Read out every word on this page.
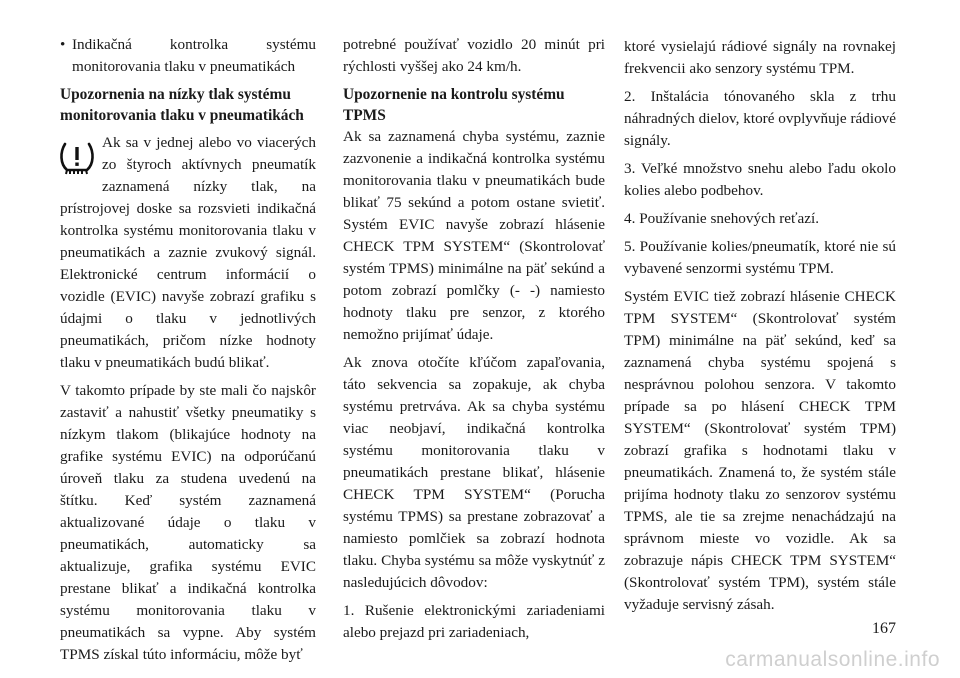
• Indikačná kontrolka systému monitorovania tlaku v pneumatikách
Upozornenia na nízky tlak systému monitorovania tlaku v pneumatikách

Ak sa v jednej alebo vo viacerých zo štyroch aktívnych pneumatík zaznamená nízky tlak, na prístrojovej doske sa rozsvieti indikačná kontrolka systému monitorovania tlaku v pneumatikách a zaznie zvukový signál. Elektronické centrum informácií o vozidle (EVIC) navyše zobrazí grafiku s údajmi o tlaku v jednotlivých pneumatikách, pričom nízke hodnoty tlaku v pneumatikách budú blikať.

V takomto prípade by ste mali čo najskôr zastaviť a nahustiť všetky pneumatiky s nízkym tlakom (blikajúce hodnoty na grafike systému EVIC) na odporúčanú úroveň tlaku za studena uvedenú na štítku. Keď systém zaznamená aktualizované údaje o tlaku v pneumatikách, automaticky sa aktualizuje, grafika systému EVIC prestane blikať a indikačná kontrolka systému monitorovania tlaku v pneumatikách sa vypne. Aby systém TPMS získal túto informáciu, môže byť

potrebné používať vozidlo 20 minút pri rýchlosti vyššej ako 24 km/h.

Upozornenie na kontrolu systému TPMS

Ak sa zaznamená chyba systému, zaznie zazvonenie a indikačná kontrolka systému monitorovania tlaku v pneumatikách bude blikať 75 sekúnd a potom ostane svietiť. Systém EVIC navyše zobrazí hlásenie CHECK TPM SYSTEM“ (Skontrolovať systém TPMS) minimálne na päť sekúnd a potom zobrazí pomlčky (- -) namiesto hodnoty tlaku pre senzor, z ktorého nemožno prijímať údaje.

Ak znova otočíte kľúčom zapaľovania, táto sekvencia sa zopakuje, ak chyba systému pretrváva. Ak sa chyba systému viac neobjaví, indikačná kontrolka systému monitorovania tlaku v pneumatikách prestane blikať, hlásenie CHECK TPM SYSTEM“ (Porucha systému TPMS) sa prestane zobrazovať a namiesto pomlčiek sa zobrazí hodnota tlaku. Chyba systému sa môže vyskytnúť z nasledujúcich dôvodov:

1. Rušenie elektronickými zariadeniami alebo prejazd pri zariadeniach,

ktoré vysielajú rádiové signály na rovnakej frekvencii ako senzory systému TPM.

2. Inštalácia tónovaného skla z trhu náhradných dielov, ktoré ovplyvňuje rádiové signály.

3. Veľké množstvo snehu alebo ľadu okolo kolies alebo podbehov.

4. Používanie snehových reťazí.

5. Používanie kolies/pneumatík, ktoré nie sú vybavené senzormi systému TPM.

Systém EVIC tiež zobrazí hlásenie CHECK TPM SYSTEM“ (Skontrolovať systém TPM) minimálne na päť sekúnd, keď sa zaznamená chyba systému spojená s nesprávnou polohou senzora. V takomto prípade sa po hlásení CHECK TPM SYSTEM“ (Skontrolovať systém TPM) zobrazí grafika s hodnotami tlaku v pneumatikách. Znamená to, že systém stále prijíma hodnoty tlaku zo senzorov systému TPMS, ale tie sa zrejme nenachádzajú na správnom mieste vo vozidle. Ak sa zobrazuje nápis CHECK TPM SYSTEM“ (Skontrolovať systém TPM), systém stále vyžaduje servisný zásah.

167
carmanualsonline.info
